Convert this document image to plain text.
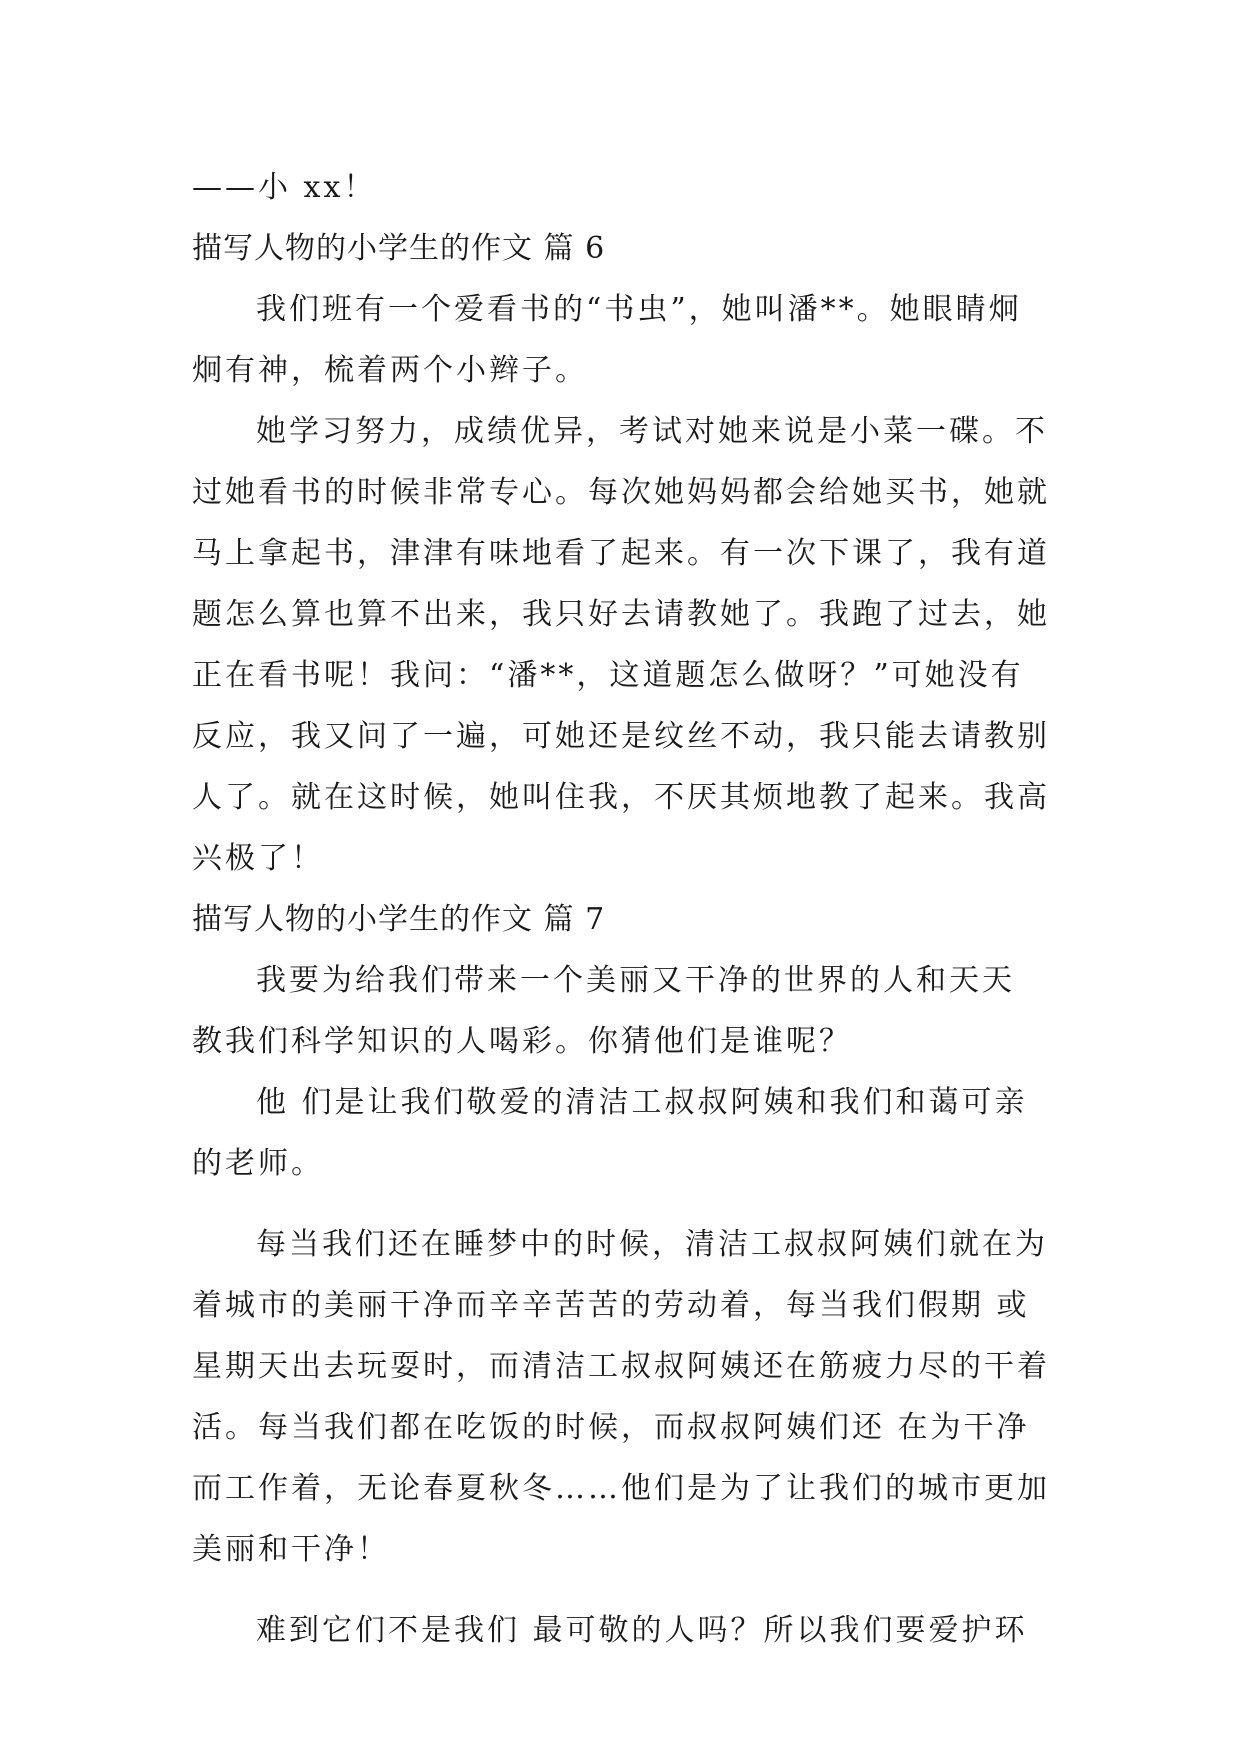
——小 xx！
描写人物的小学生的作文 篇 6
我们班有一个爱看书的“书虫”，她叫潘**。她眼睛炯
炯有神，梳着两个小辫子。
她学习努力，成绩优异，考试对她来说是小菜一碟。不
过她看书的时候非常专心。每次她妈妈都会给她买书，她就
马上拿起书，津津有味地看了起来。有一次下课了，我有道
题怎么算也算不出来，我只好去请教她了。我跑了过去，她
正在看书呢！我问：“潘**，这道题怎么做呀？”可她没有
反应，我又问了一遍，可她还是纹丝不动，我只能去请教别
人了。就在这时候，她叫住我，不厌其烦地教了起来。我高
兴极了！
描写人物的小学生的作文 篇 7
我要为给我们带来一个美丽又干净的世界的人和天天
教我们科学知识的人喝彩。你猜他们是谁呢？
他 们是让我们敬爱的清洁工叔叔阿姨和我们和蔼可亲
的老师。
每当我们还在睡梦中的时候，清洁工叔叔阿姨们就在为
着城市的美丽干净而辛辛苦苦的劳动着，每当我们假期 或
星期天出去玩耍时，而清洁工叔叔阿姨还在筋疲力尽的干着
活。每当我们都在吃饭的时候，而叔叔阿姨们还 在为干净
而工作着，无论春夏秋冬……他们是为了让我们的城市更加
美丽和干净！
难到它们不是我们 最可敬的人吗？所以我们要爱护环
